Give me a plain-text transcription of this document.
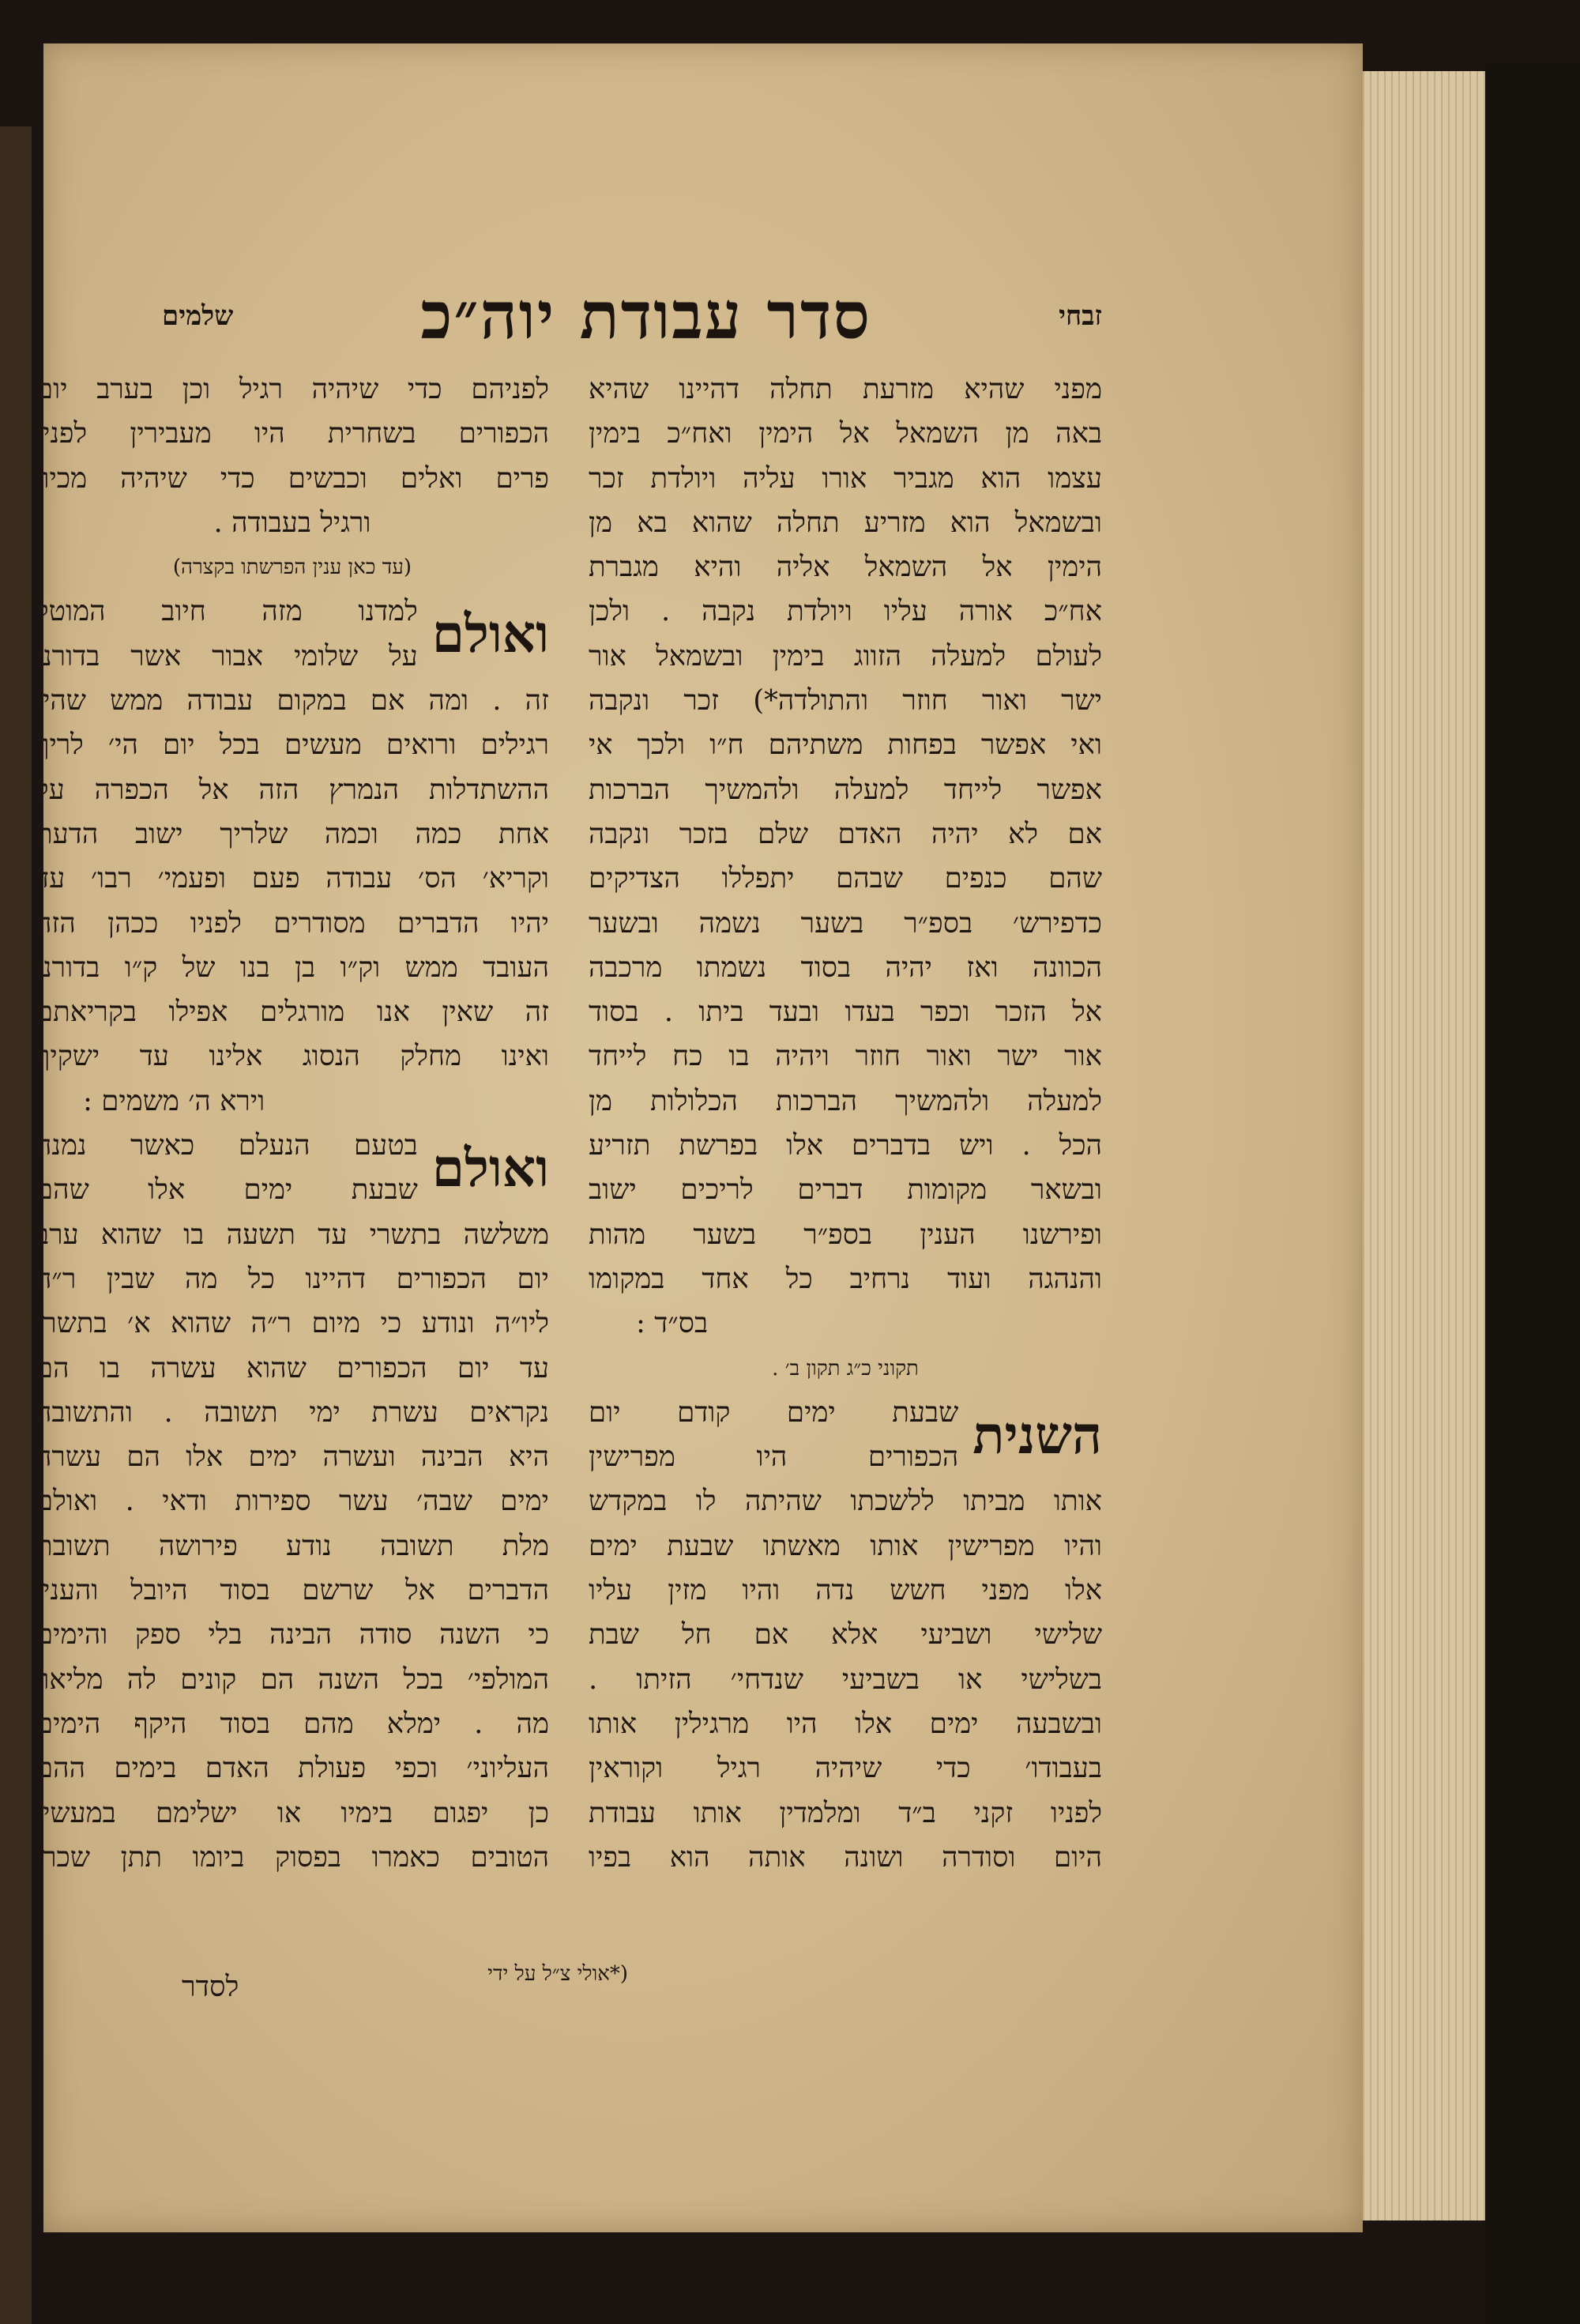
זבחי
סדר עבודת יוה״כ
שלמים
מפני שהיא מזרעת תחלה דהיינו שהיא
באה מן השמאל אל הימין ואח״כ בימין
עצמו הוא מגביר אורו עליה ויולדת זכר
ובשמאל הוא מזריע תחלה שהוא בא מן
הימין אל השמאל אליה והיא מגברת
אח״כ אורה עליו ויולדת נקבה . ולכן
לעולם למעלה הזווג בימין ובשמאל אור
ישר ואור חוזר והתולדה*) זכר ונקבה
ואי אפשר בפחות משתיהם ח״ו ולכך אי
אפשר לייחד למעלה ולהמשיך הברכות
אם לא יהיה האדם שלם בזכר ונקבה
שהם כנפים שבהם יתפללו הצדיקים
כדפירש׳ בספ״ר בשער נשמה ובשער
הכוונה ואז יהיה בסוד נשמתו מרכבה
אל הזכר וכפר בעדו ובעד ביתו . בסוד
אור ישר ואור חוזר ויהיה בו כח לייחד
למעלה ולהמשיך הברכות הכלולות מן
הכל . ויש בדברים אלו בפרשת תזריע
ובשאר מקומות דברים לריכים ישוב
ופירשנו הענין בספ״ר בשער מהות
והנהגה ועוד נרחיב כל אחד במקומו
בס״ד :
תקוני כ״ג תקון ב׳ .
השנית
שבעת ימים קודם יום
הכפורים היו מפרישין
אותו מביתו ללשכתו שהיתה לו במקדש
והיו מפרישין אותו מאשתו שבעת ימים
אלו מפני חשש נדה והיו מזין עליו
שלישי ושביעי אלא אם חל שבת
בשלישי או בשביעי שנדחי׳ הזיתו .
ובשבעה ימים אלו היו מרגילין אותו
בעבודו׳ כדי שיהיה רגיל וקוראין
לפניו זקני ב״ד ומלמדין אותו עבודת
היום וסודרה ושונה אותה הוא בפיו
לפניהם כדי שיהיה רגיל וכן בערב יום
הכפורים בשחרית היו מעבירין לפניו
פרים ואלים וכבשים כדי שיהיה מכיר
ורגיל בעבודה .
(עד כאן ענין הפרשתו בקצרה)
ואולם
למדנו מזה חיוב המוטל
על שלומי אבור אשר בדורנו
זה . ומה אם במקום עבודה ממש שהיו
רגילים ורואים מעשים בכל יום הי׳ לריך
ההשתדלות הנמרץ הזה אל הכפרה על
אחת כמה וכמה שלריך ישוב הדעת
וקריא׳ הס׳ עבודה פעם ופעמי׳ רבו׳ עד
יהיו הדברים מסודרים לפניו ככהן הזה
העובד ממש וק״ו בן בנו של ק״ו בדורנו
זה שאין אנו מורגלים אפילו בקריאתם
ואינו מחלק הנסוג אלינו עד ישקיף
וירא ה׳ משמים :
ואולם
בטעם הנעלם כאשר נמנה
שבעת ימים אלו שהם
משלשה בתשרי עד תשעה בו שהוא ערב
יום הכפורים דהיינו כל מה שבין ר״ה
ליו״ה ונודע כי מיום ר״ה שהוא א׳ בתשרי
עד יום הכפורים שהוא עשרה בו הם
נקראים עשרת ימי תשובה . והתשובה
היא הבינה ועשרה ימים אלו הם עשרה
ימים שבה׳ עשר ספירות ודאי . ואולם
מלת תשובה נודע פירושה תשובת
הדברים אל שרשם בסוד היובל והענין
כי השנה סודה הבינה בלי ספק והימים
המולפי׳ בכל השנה הם קונים לה מליאו׳
מה . ימלא מהם בסוד היקף הימים
העליוני׳ וכפי פעולת האדם בימים ההם
כן יפגום בימיו או ישלימם במעשיו
הטובים כאמרו בפסוק ביומו תתן שכרו
(*אולי צ״ל על ידי
לסדר
